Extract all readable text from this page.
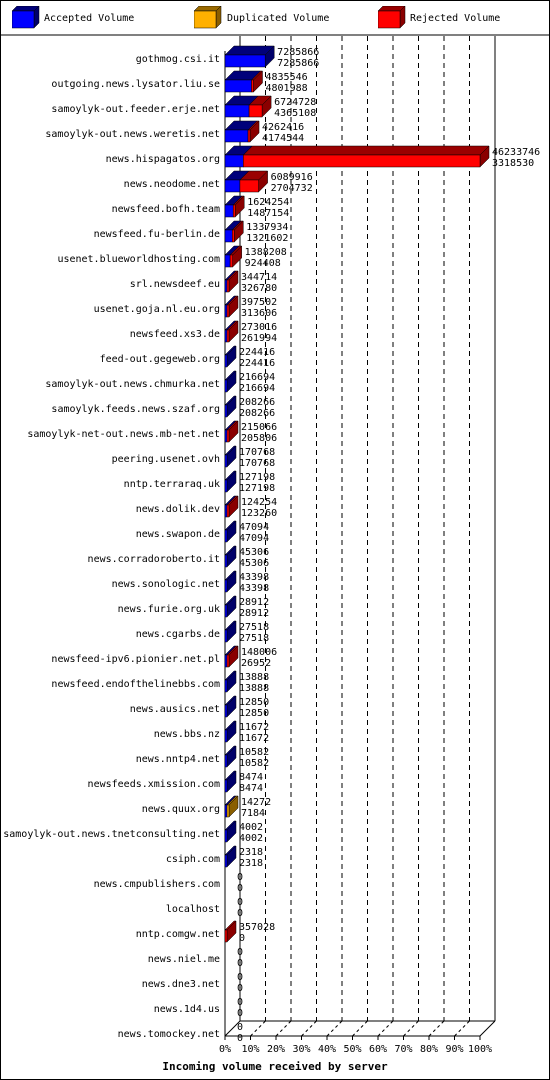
Accepted Volume	Duplicated Volume	Rejected Volume
0% 10% 20% 30% 40% 50% 60% 70% 80% 90% 100%
gothmog.csi.it
7285866
7285866
outgoing.news.lysator.liu.se
4835546
4801988
samoylyk-out.feeder.erje.net
6724728
4365108
samoylyk-out.news.weretis.net
4262416
4174544
news.hispagatos.org
46233746
3318530
news.neodome.net
6089916
2704732
newsfeed.bofh.team
1624254
1487154
newsfeed.fu-berlin.de
1337934
1321602
usenet.blueworldhosting.com
1388208
924408
srl.newsdeef.eu
344714
326780
usenet.goja.nl.eu.org
397502
313606
newsfeed.xs3.de
273016
261994
feed-out.gegeweb.org
224416
224416
samoylyk-out.news.chmurka.net
216694
216694
samoylyk.feeds.news.szaf.org
208266
208266
samoylyk-net-out.news.mb-net.net
215066
205806
peering.usenet.ovh
170768
170768
nntp.terraraq.uk
127198
127198
news.dolik.dev
124254
123260
news.swapon.de
47094
47094
news.corradoroberto.it
45306
45306
news.sonologic.net
43398
43398
news.furie.org.uk
28912
28912
news.cgarbs.de
27518
27518
newsfeed-ipv6.pionier.net.pl
148006
26952
newsfeed.endofthelinebbs.com
13888
13888
news.ausics.net
12850
12850
news.bbs.nz
11672
11672
news.nntp4.net
10582
10582
newsfeeds.xmission.com
8474
8474
news.quux.org
14272
7184
samoylyk-out.news.tnetconsulting.net
4002
4002
csiph.com
2318
2318
news.cmpublishers.com
0
0
localhost
0
0
nntp.comgw.net
357028
0
news.niel.me
0
0
news.dne3.net
0
0
news.1d4.us
0
0
news.tomockey.net
0
0
Incoming volume received by server
